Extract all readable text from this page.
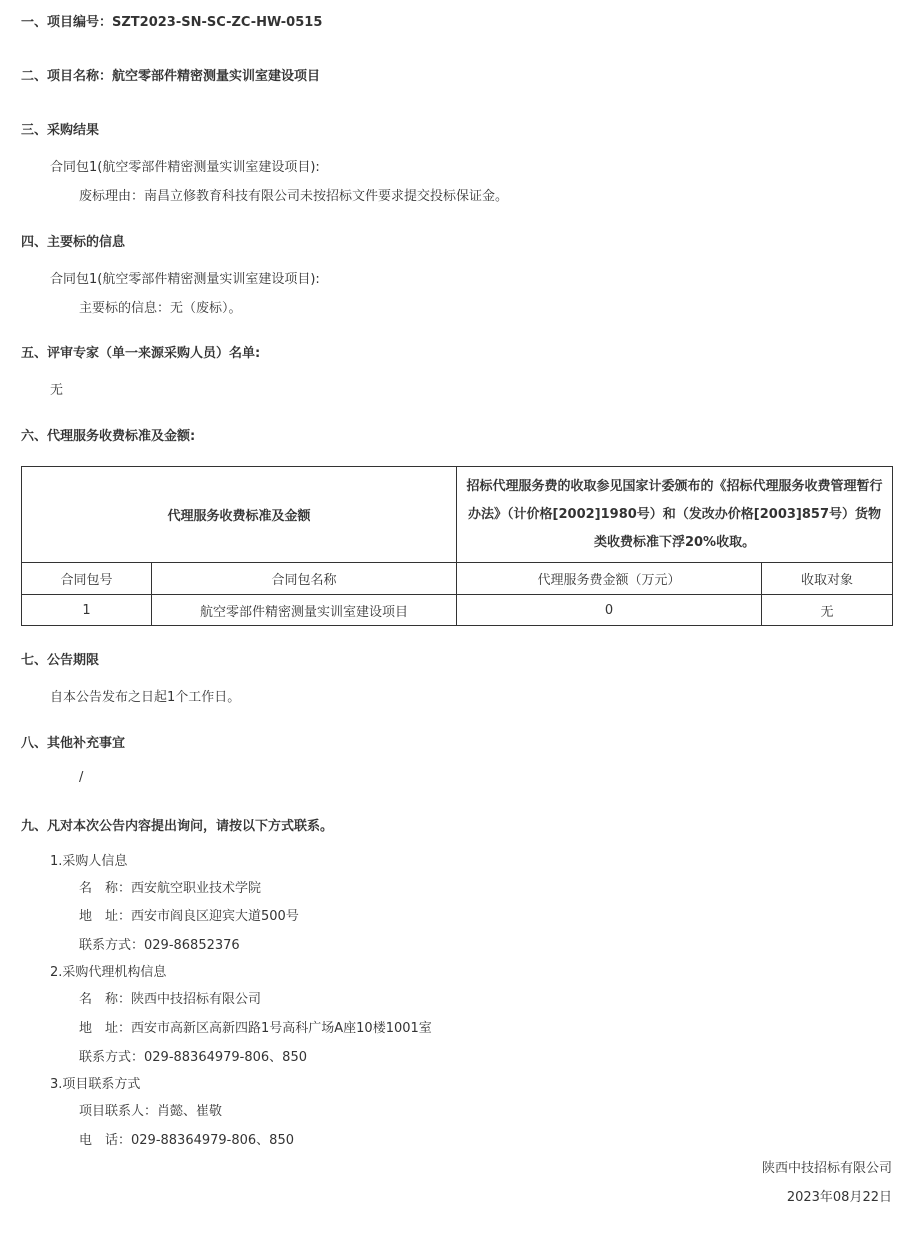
一、项目编号：SZT2023-SN-SC-ZC-HW-0515
二、项目名称：航空零部件精密测量实训室建设项目
三、采购结果
合同包1(航空零部件精密测量实训室建设项目):
废标理由：南昌立修教育科技有限公司未按招标文件要求提交投标保证金。
四、主要标的信息
合同包1(航空零部件精密测量实训室建设项目):
主要标的信息：无（废标）。
五、评审专家（单一来源采购人员）名单:
无
六、代理服务收费标准及金额:
代理服务收费标准及金额		招标代理服务费的收取参见国家计委颁布的《招标代理服务收费管理暂行办法》（计价格[2002]1980号）和（发改办价格[2003]857号）货物类收费标准下浮20%收取。	
合同包号	合同包名称	代理服务费金额（万元）	收取对象
1	航空零部件精密测量实训室建设项目	0	无
七、公告期限
自本公告发布之日起1个工作日。
八、其他补充事宜
/
九、凡对本次公告内容提出询问，请按以下方式联系。
1.采购人信息
名　称：西安航空职业技术学院
地　址：西安市阎良区迎宾大道500号
联系方式：029-86852376
2.采购代理机构信息
名　称：陕西中技招标有限公司
地　址：西安市高新区高新四路1号高科广场A座10楼1001室
联系方式：029-88364979-806、850
3.项目联系方式
项目联系人：肖懿、崔敬
电　话：029-88364979-806、850
陕西中技招标有限公司
2023年08月22日
